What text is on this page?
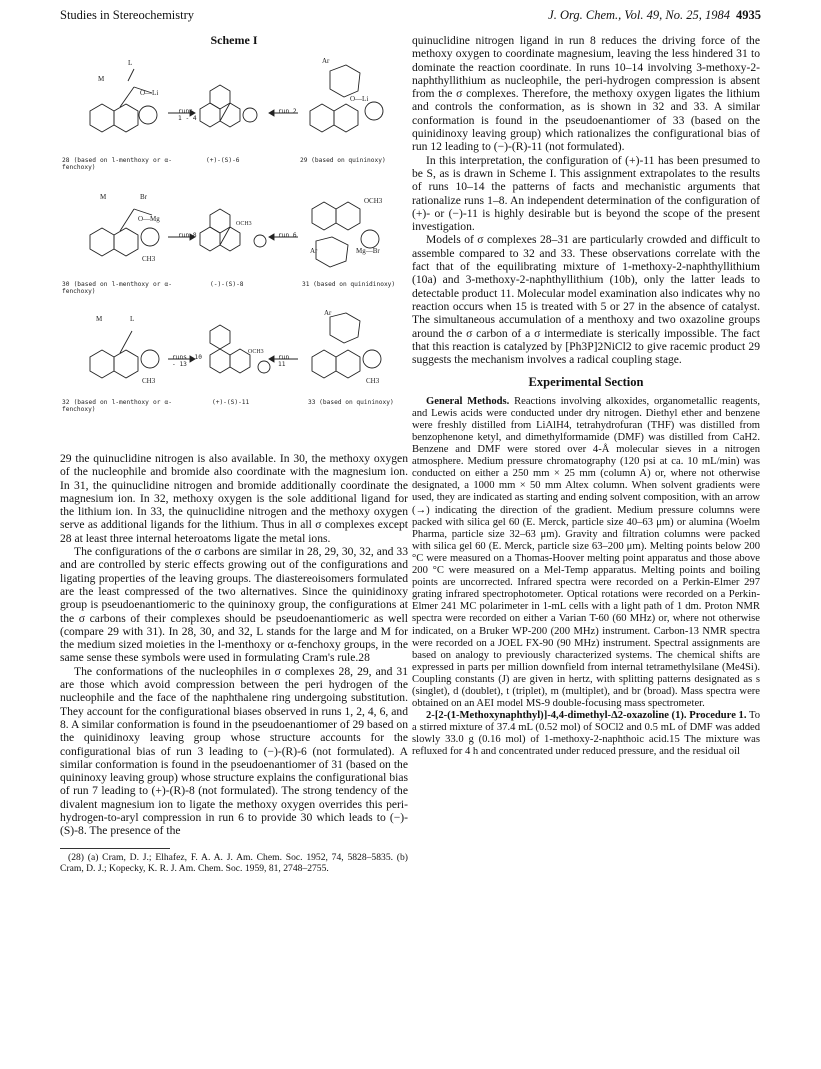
Studies in Stereochemistry	J. Org. Chem., Vol. 49, No. 25, 1984 4935
Scheme I
M
L
O—Li
Ar
O—Li
28 (based on l-menthoxy or α-fenchoxy)
runs 1 - 4
(+)-(S)-6
run 2
29 (based on quininoxy)
M	Br
O—Mg
CH3
OCH3
OCH3
Mg—Br
Ar
30 (based on l-menthoxy or α-fenchoxy)
run 8
(-)-(S)-8
run 6
31 (based on quinidinoxy)
M	L
CH3
OCH3
Ar
CH3
32 (based on l-menthoxy or α-fenchoxy)
runs 10 - 13
(+)-(S)-11
run 11
33 (based on quininoxy)

29 the quinuclidine nitrogen is also available. In 30, the methoxy oxygen of the nucleophile and bromide also coordinate with the magnesium ion. In 31, the quinuclidine nitrogen and bromide additionally coordinate the magnesium ion. In 32, methoxy oxygen is the sole additional ligand for the lithium ion. In 33, the quinuclidine nitrogen and the methoxy oxygen serve as additional ligands for the lithium. Thus in all σ complexes except 28 at least three internal heteroatoms ligate the metal ions.

The configurations of the σ carbons are similar in 28, 29, 30, 32, and 33 and are controlled by steric effects growing out of the configurations and ligating properties of the leaving groups. The diastereoisomers formulated are the least compressed of the two alternatives. Since the quinidinoxy group is pseudoenantiomeric to the quininoxy group, the configurations at the σ carbons of their complexes should be pseudoenantiomeric as well (compare 29 with 31). In 28, 30, and 32, L stands for the large and M for the medium sized moieties in the l-menthoxy or α-fenchoxy groups, in the same sense these symbols were used in formulating Cram's rule.28

The conformations of the nucleophiles in σ complexes 28, 29, and 31 are those which avoid compression between the peri hydrogen of the nucleophile and the face of the naphthalene ring undergoing substitution. They account for the configurational biases observed in runs 1, 2, 4, 6, and 8. A similar conformation is found in the pseudoenantiomer of 29 based on the quinidinoxy leaving group whose structure accounts for the configurational bias of run 3 leading to (−)-(R)-6 (not formulated). A similar conformation is found in the pseudoenantiomer of 31 (based on the quininoxy leaving group) whose structure explains the configurational bias of run 7 leading to (+)-(R)-8 (not formulated). The strong tendency of the divalent magnesium ion to ligate the methoxy oxygen overrides this peri-hydrogen-to-aryl compression in run 6 to provide 30 which leads to (−)-(S)-8. The presence of the

(28) (a) Cram, D. J.; Elhafez, F. A. A. J. Am. Chem. Soc. 1952, 74, 5828–5835. (b) Cram, D. J.; Kopecky, K. R. J. Am. Chem. Soc. 1959, 81, 2748–2755.

quinuclidine nitrogen ligand in run 8 reduces the driving force of the methoxy oxygen to coordinate magnesium, leaving the less hindered 31 to dominate the reaction coordinate. In runs 10–14 involving 3-methoxy-2-naphthyllithium as nucleophile, the peri-hydrogen compression is absent from the σ complexes. Therefore, the methoxy oxygen ligates the lithium and controls the conformation, as is shown in 32 and 33. A similar conformation is found in the pseudoenantiomer of 33 (based on the quinidinoxy leaving group) which rationalizes the configurational bias of run 12 leading to (−)-(R)-11 (not formulated).

In this interpretation, the configuration of (+)-11 has been presumed to be S, as is drawn in Scheme I. This assignment extrapolates to the results of runs 10–14 the patterns of facts and mechanistic arguments that rationalize runs 1–8. An independent determination of the configuration of (+)- or (−)-11 is highly desirable but is beyond the scope of the present investigation.

Models of σ complexes 28–31 are particularly crowded and difficult to assemble compared to 32 and 33. These observations correlate with the fact that of the equilibrating mixture of 1-methoxy-2-naphthyllithium (10a) and 3-methoxy-2-naphthyllithium (10b), only the latter leads to detectable product 11. Molecular model examination also indicates why no reaction occurs when 15 is treated with 5 or 27 in the absence of catalyst. The simultaneous accumulation of a menthoxy and two oxazoline groups around the σ carbon of a σ intermediate is sterically impossible. The fact that this reaction is catalyzed by [Ph3P]2NiCl2 to give racemic product 29 suggests the mechanism involves a radical coupling stage.

Experimental Section

General Methods. Reactions involving alkoxides, organometallic reagents, and Lewis acids were conducted under dry nitrogen. Diethyl ether and benzene were freshly distilled from LiAlH4, tetrahydrofuran (THF) was distilled from benzophenone ketyl, and dimethylformamide (DMF) was distilled from CaH2. Benzene and DMF were stored over 4-Å molecular sieves in a nitrogen atmosphere. Medium pressure chromatography (120 psi at ca. 10 mL/min) was conducted on either a 250 mm × 25 mm (column A) or, where not otherwise designated, a 1000 mm × 50 mm Altex column. When solvent gradients were used, they are indicated as starting and ending solvent composition, with an arrow (→) indicating the direction of the gradient. Medium pressure columns were packed with silica gel 60 (E. Merck, particle size 40–63 μm) or alumina (Woelm Pharma, particle size 32–63 μm). Gravity and filtration columns were packed with silica gel 60 (E. Merck, particle size 63–200 μm). Melting points below 200 °C were measured on a Thomas-Hoover melting point apparatus and those above 200 °C were measured on a Mel-Temp apparatus. Melting points and boiling points are uncorrected. Infrared spectra were recorded on a Perkin-Elmer 297 grating infrared spectrophotometer. Optical rotations were recorded on a Perkin-Elmer 241 MC polarimeter in 1-mL cells with a light path of 1 dm. Proton NMR spectra were recorded on either a Varian T-60 (60 MHz) or, where not otherwise indicated, on a Bruker WP-200 (200 MHz) instrument. Carbon-13 NMR spectra were recorded on a JOEL FX-90 (90 MHz) instrument. Spectral assignments are based on analogy to previously characterized systems. The chemical shifts are expressed in parts per million downfield from internal tetramethylsilane (Me4Si). Coupling constants (J) are given in hertz, with splitting patterns designated as s (singlet), d (doublet), t (triplet), m (multiplet), and br (broad). Mass spectra were obtained on an AEI model MS-9 double-focusing mass spectrometer.

2-[2-(1-Methoxynaphthyl)]-4,4-dimethyl-Δ2-oxazoline (1). Procedure 1. To a stirred mixture of 37.4 mL (0.52 mol) of SOCl2 and 0.5 mL of DMF was added slowly 33.0 g (0.16 mol) of 1-methoxy-2-naphthoic acid.15 The mixture was refluxed for 4 h and concentrated under reduced pressure, and the residual oil
